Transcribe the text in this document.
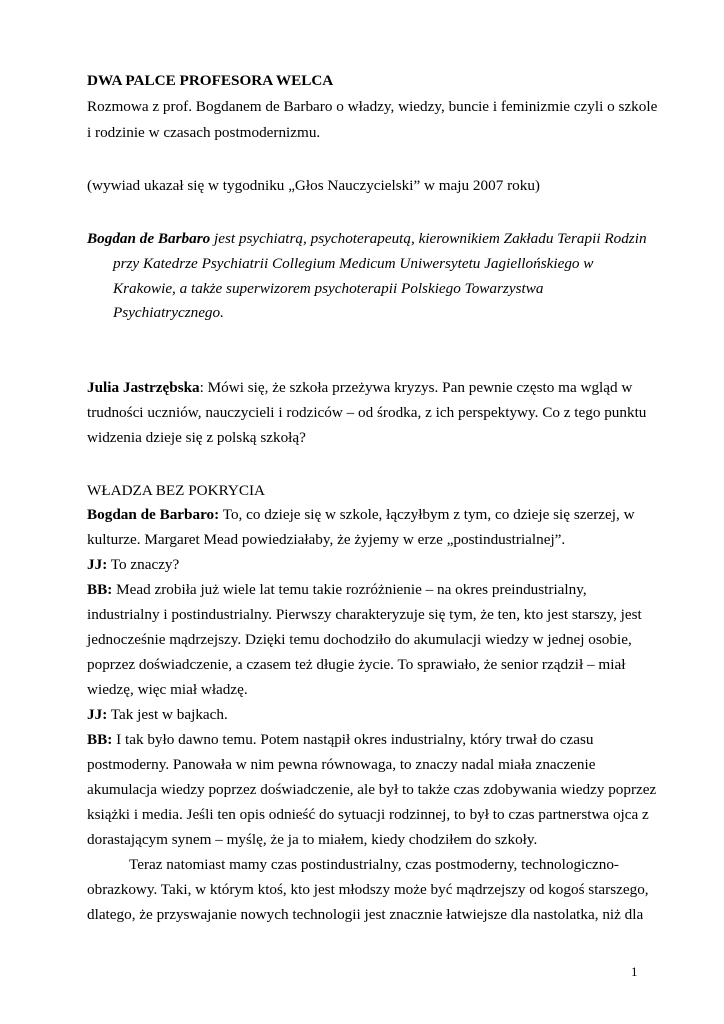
DWA PALCE PROFESORA WELCA
Rozmowa z prof. Bogdanem de Barbaro o władzy, wiedzy, buncie i feminizmie czyli o szkole
i rodzinie w czasach postmodernizmu.
(wywiad ukazał się w tygodniku „Głos Nauczycielski” w maju 2007 roku)
Bogdan de Barbaro jest psychiatrą, psychoterapeutą, kierownikiem Zakładu Terapii Rodzin
przy Katedrze Psychiatrii Collegium Medicum Uniwersytetu Jagiellońskiego w
Krakowie, a także superwizorem psychoterapii Polskiego Towarzystwa
Psychiatrycznego.
Julia Jastrzębska: Mówi się, że szkoła przeżywa kryzys. Pan pewnie często ma wgląd w
trudności uczniów, nauczycieli i rodziców – od środka, z ich perspektywy. Co z tego punktu
widzenia dzieje się z polską szkołą?
WŁADZA BEZ POKRYCIA
Bogdan de Barbaro: To, co dzieje się w szkole, łączyłbym z tym, co dzieje się szerzej, w
kulturze. Margaret Mead powiedziałaby, że żyjemy w erze „postindustrialnej”.
JJ: To znaczy?
BB: Mead zrobiła już wiele lat temu takie rozróżnienie – na okres preindustrialny,
industrialny i postindustrialny. Pierwszy charakteryzuje się tym, że ten, kto jest starszy, jest
jednocześnie mądrzejszy. Dzięki temu dochodziło do akumulacji wiedzy w jednej osobie,
poprzez doświadczenie, a czasem też długie życie. To sprawiało, że senior rządził – miał
wiedzę, więc miał władzę.
JJ: Tak jest w bajkach.
BB: I tak było dawno temu. Potem nastąpił okres industrialny, który trwał do czasu
postmoderny. Panowała w nim pewna równowaga, to znaczy nadal miała znaczenie
akumulacja wiedzy poprzez doświadczenie, ale był to także czas zdobywania wiedzy poprzez
książki i media. Jeśli ten opis odnieść do sytuacji rodzinnej, to był to czas partnerstwa ojca z
dorastającym synem – myślę, że ja to miałem, kiedy chodziłem do szkoły.
Teraz natomiast mamy czas postindustrialny, czas postmoderny, technologiczno-
obrazkowy. Taki, w którym ktoś, kto jest młodszy może być mądrzejszy od kogoś starszego,
dlatego, że przyswajanie nowych technologii jest znacznie łatwiejsze dla nastolatka, niż dla
1
